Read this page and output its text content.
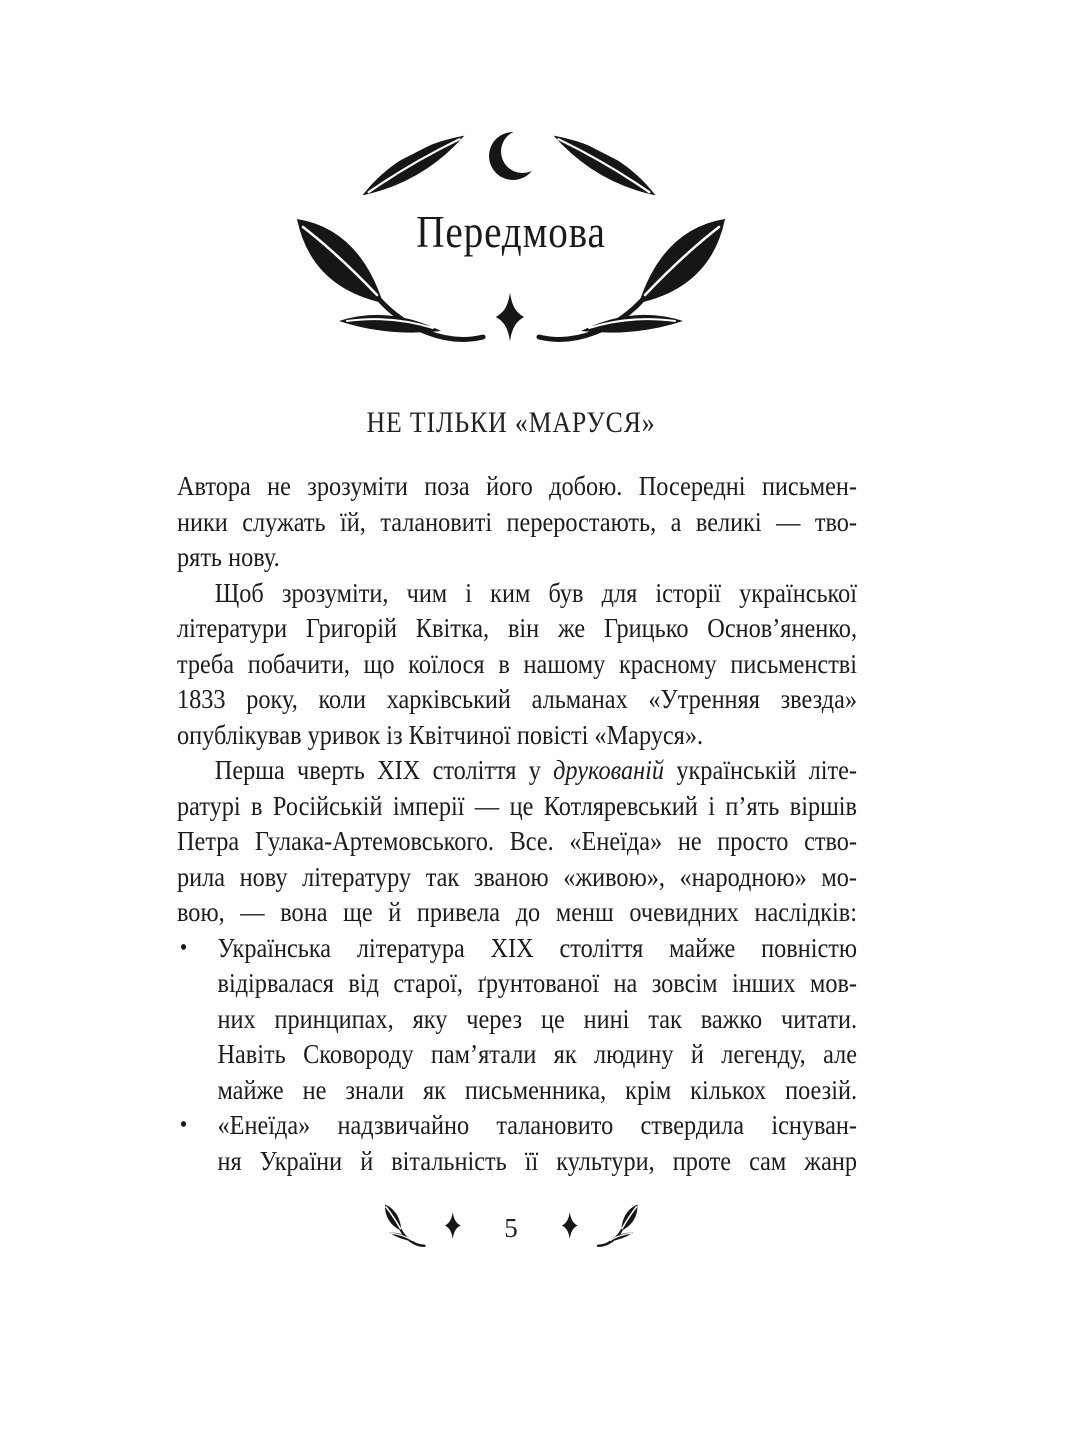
Передмова
НЕ ТІЛЬКИ «МАРУСЯ»
Автора не зрозуміти поза його добою. Посередні письмен-
ники служать їй, талановиті переростають, а великі — тво-
рять нову.
Щоб зрозуміти, чим і ким був для історії української
літератури Григорій Квітка, він же Грицько Основ’яненко,
треба побачити, що коїлося в нашому красному письменстві
1833 року, коли харківський альманах «Утренняя звезда»
опублікував уривок із Квітчиної повісті «Маруся».
Перша чверть XIX століття у друкованій українській літе-
ратурі в Російській імперії — це Котляревський і п’ять віршів
Петра Гулака-Артемовського. Все. «Енеїда» не просто ство-
рила нову літературу так званою «живою», «народною» мо-
вою, — вона ще й привела до менш очевидних наслідків:
•	Українська література XIX століття майже повністю
відірвалася від старої, ґрунтованої на зовсім інших мов-
них принципах, яку через це нині так важко читати.
Навіть Сковороду пам’ятали як людину й легенду, але
майже не знали як письменника, крім кількох поезій.
•	«Енеїда» надзвичайно талановито ствердила існуван-
ня України й вітальність її культури, проте сам жанр
5
